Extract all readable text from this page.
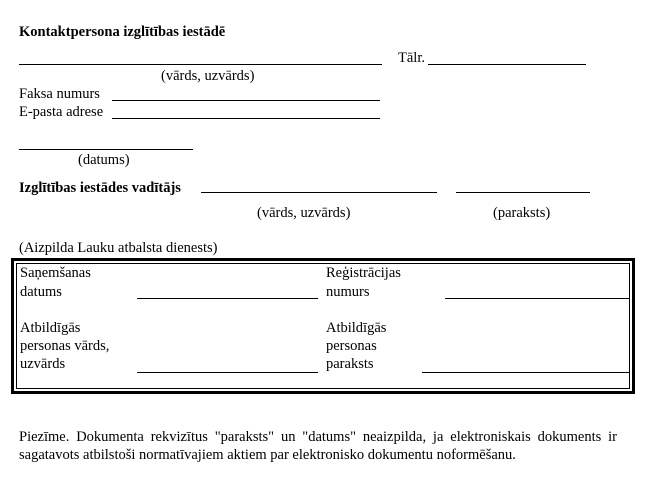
Kontaktpersona izglītības iestādē
Tālr.
(vārds, uzvārds)
Faksa numurs
E-pasta adrese
(datums)
Izglītības iestādes vadītājs
(vārds, uzvārds)	(paraksts)
(Aizpilda Lauku atbalsta dienests)
Saņemšanas
datums
Reģistrācijas
numurs
Atbildīgās
personas vārds,
uzvārds
Atbildīgās
personas
paraksts
Piezīme. Dokumenta rekvizītus "paraksts" un "datums" neaizpilda, ja elektroniskais dokuments ir sagatavots atbilstoši normatīvajiem aktiem par elektronisko dokumentu noformēšanu.
